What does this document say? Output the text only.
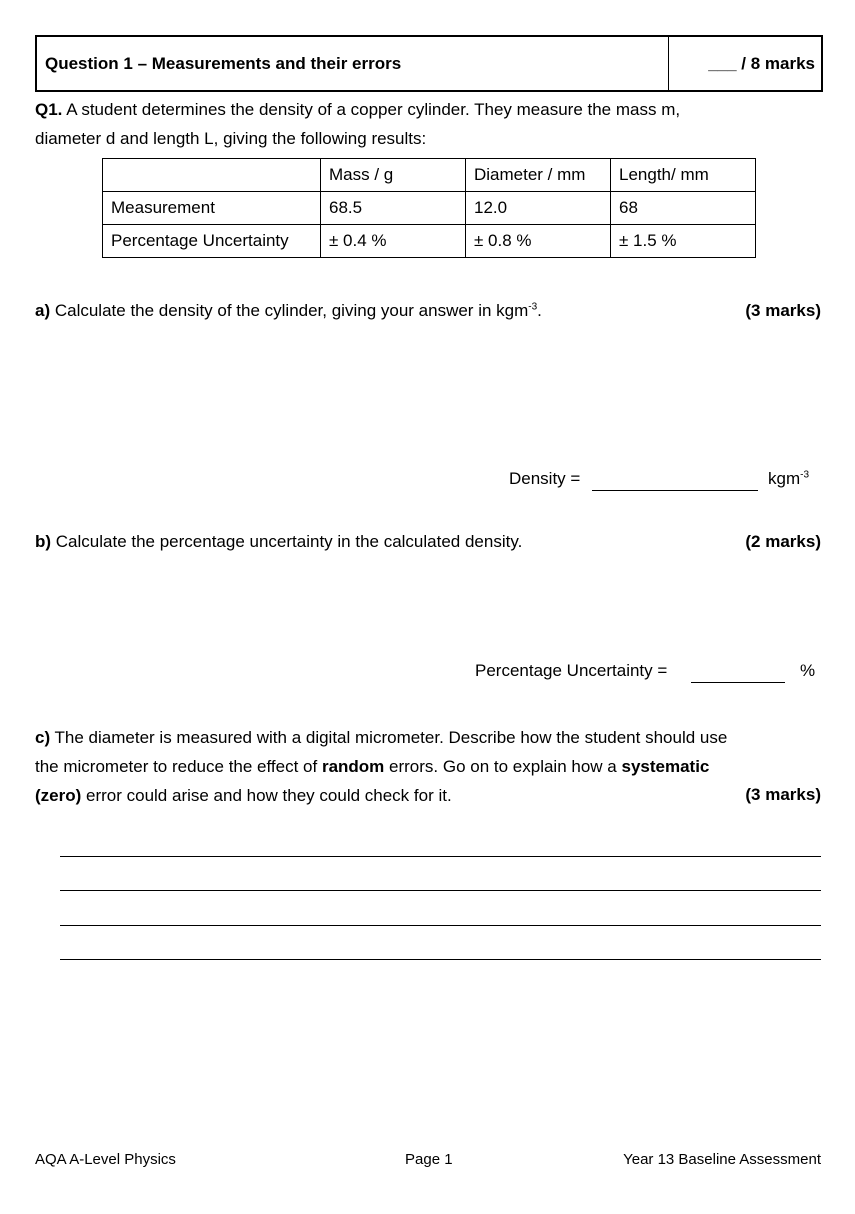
Question 1 – Measurements and their errors	___ / 8 marks
Q1. A student determines the density of a copper cylinder. They measure the mass m,
diameter d and length L, giving the following results:
	Mass / g	Diameter / mm	Length/ mm
Measurement	68.5	12.0	68
Percentage Uncertainty	± 0.4 %	± 0.8 %	± 1.5 %
a) Calculate the density of the cylinder, giving your answer in kgm$^{-3}$.	(3 marks)
Density =	kgm$^{-3}$
b) Calculate the percentage uncertainty in the calculated density.	(2 marks)
Percentage Uncertainty =	%
c) The diameter is measured with a digital micrometer. Describe how the student should use
the micrometer to reduce the effect of random errors. Go on to explain how a systematic
(zero) error could arise and how they could check for it.	(3 marks)
AQA A-Level Physics	Page 1	Year 13 Baseline Assessment
